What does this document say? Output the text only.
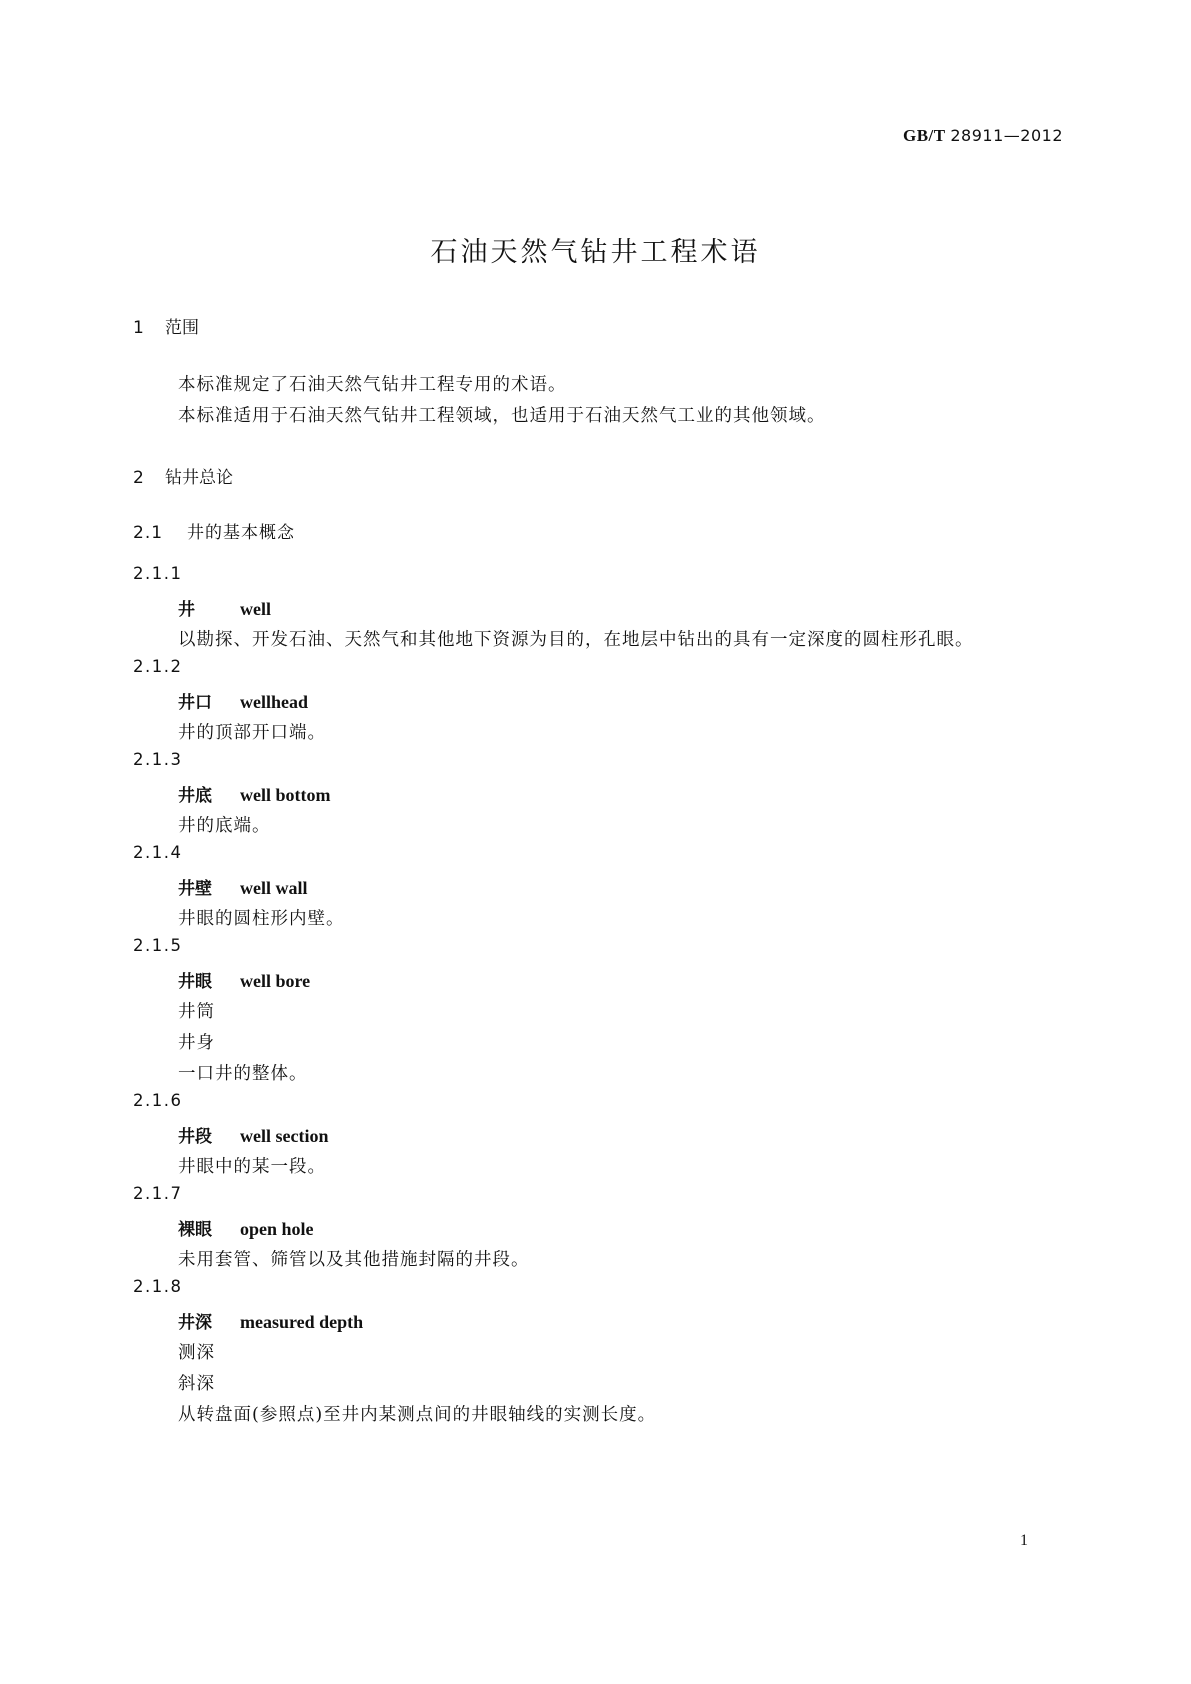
GB/T 28911—2012
石油天然气钻井工程术语
1 范围
本标准规定了石油天然气钻井工程专用的术语。
本标准适用于石油天然气钻井工程领域，也适用于石油天然气工业的其他领域。
2 钻井总论
2.1 井的基本概念
2.1.1
井	well
以勘探、开发石油、天然气和其他地下资源为目的，在地层中钻出的具有一定深度的圆柱形孔眼。
2.1.2
井口 wellhead
井的顶部开口端。
2.1.3
井底 well bottom
井的底端。
2.1.4
井壁 well wall
井眼的圆柱形内壁。
2.1.5
井眼 well bore
井筒
井身
一口井的整体。
2.1.6
井段 well section
井眼中的某一段。
2.1.7
裸眼 open hole
未用套管、筛管以及其他措施封隔的井段。
2.1.8
井深 measured depth
测深
斜深
从转盘面(参照点)至井内某测点间的井眼轴线的实测长度。
1
